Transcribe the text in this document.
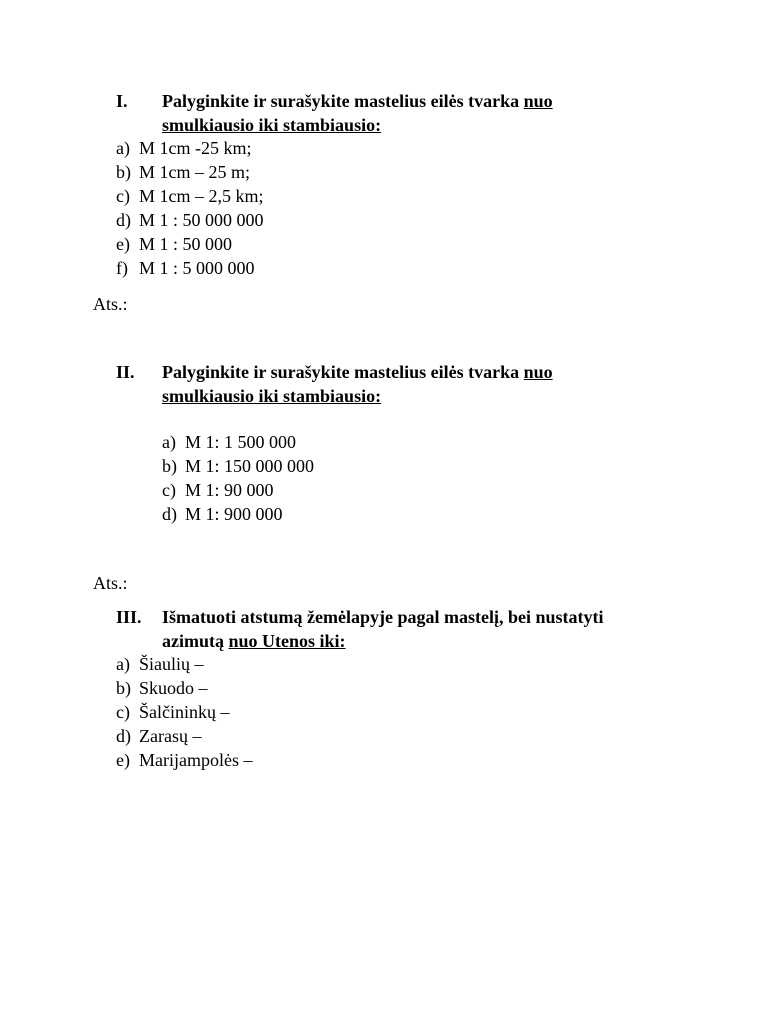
I. Palyginkite ir surašykite mastelius eilės tvarka nuo
smulkiausio iki stambiausio:
a) M 1cm -25 km;
b) M 1cm – 25 m;
c) M 1cm – 2,5 km;
d) M 1 : 50 000 000
e) M 1 : 50 000
f) M 1 : 5 000 000
Ats.:
II. Palyginkite ir surašykite mastelius eilės tvarka nuo
smulkiausio iki stambiausio:
a) M 1: 1 500 000
b) M 1: 150 000 000
c) M 1: 90 000
d) M 1: 900 000
Ats.:
III. Išmatuoti atstumą žemėlapyje pagal mastelį, bei nustatyti
azimutą nuo Utenos iki:
a) Šiaulių –
b) Skuodo –
c) Šalčininkų –
d) Zarasų –
e) Marijampolės –
